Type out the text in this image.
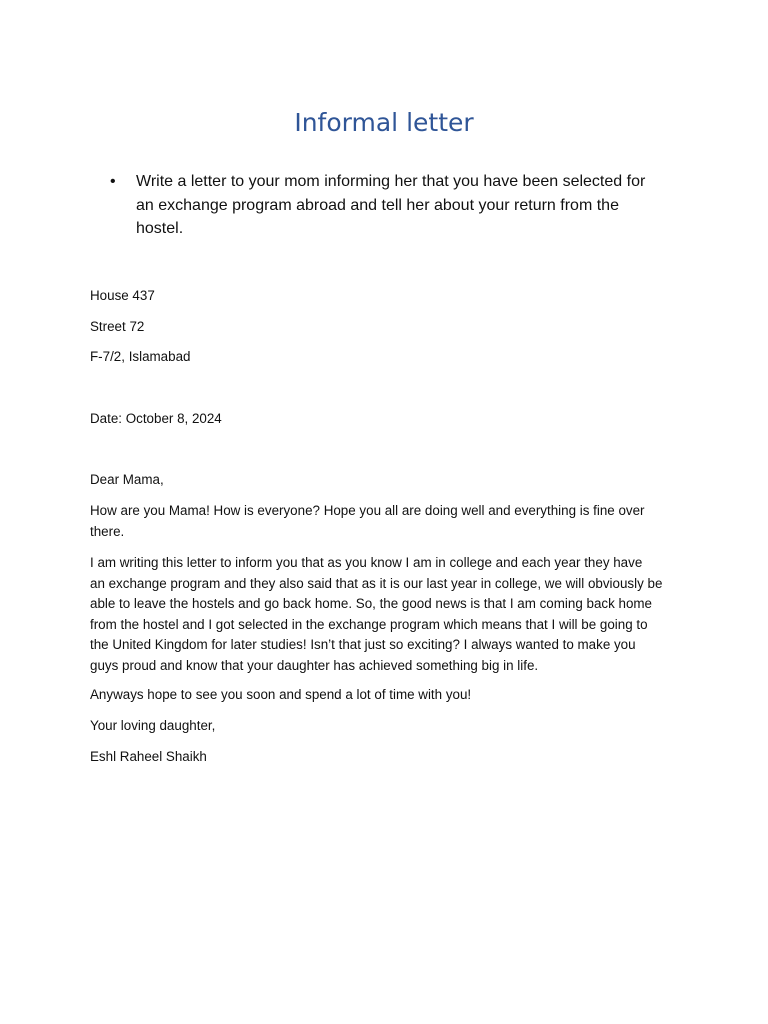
Informal letter
• Write a letter to your mom informing her that you have been selected for
an exchange program abroad and tell her about your return from the
hostel.
House 437
Street 72
F-7/2, Islamabad
Date: October 8, 2024
Dear Mama,
How are you Mama! How is everyone? Hope you all are doing well and everything is fine over
there.
I am writing this letter to inform you that as you know I am in college and each year they have
an exchange program and they also said that as it is our last year in college, we will obviously be
able to leave the hostels and go back home. So, the good news is that I am coming back home
from the hostel and I got selected in the exchange program which means that I will be going to
the United Kingdom for later studies! Isn’t that just so exciting? I always wanted to make you
guys proud and know that your daughter has achieved something big in life.
Anyways hope to see you soon and spend a lot of time with you!
Your loving daughter,
Eshl Raheel Shaikh
